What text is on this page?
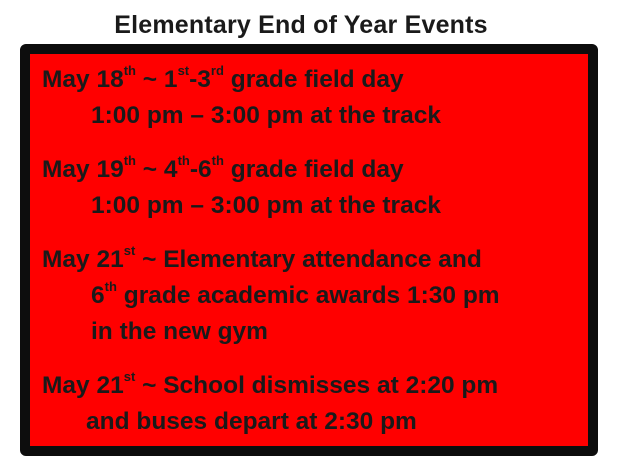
Elementary End of Year Events
May 18th ~ 1st-3rd grade field day
1:00 pm – 3:00 pm at the track
May 19th ~ 4th-6th grade field day
1:00 pm – 3:00 pm at the track
May 21st ~ Elementary attendance and
6th grade academic awards 1:30 pm
in the new gym
May 21st ~ School dismisses at 2:20 pm
and buses depart at 2:30 pm
